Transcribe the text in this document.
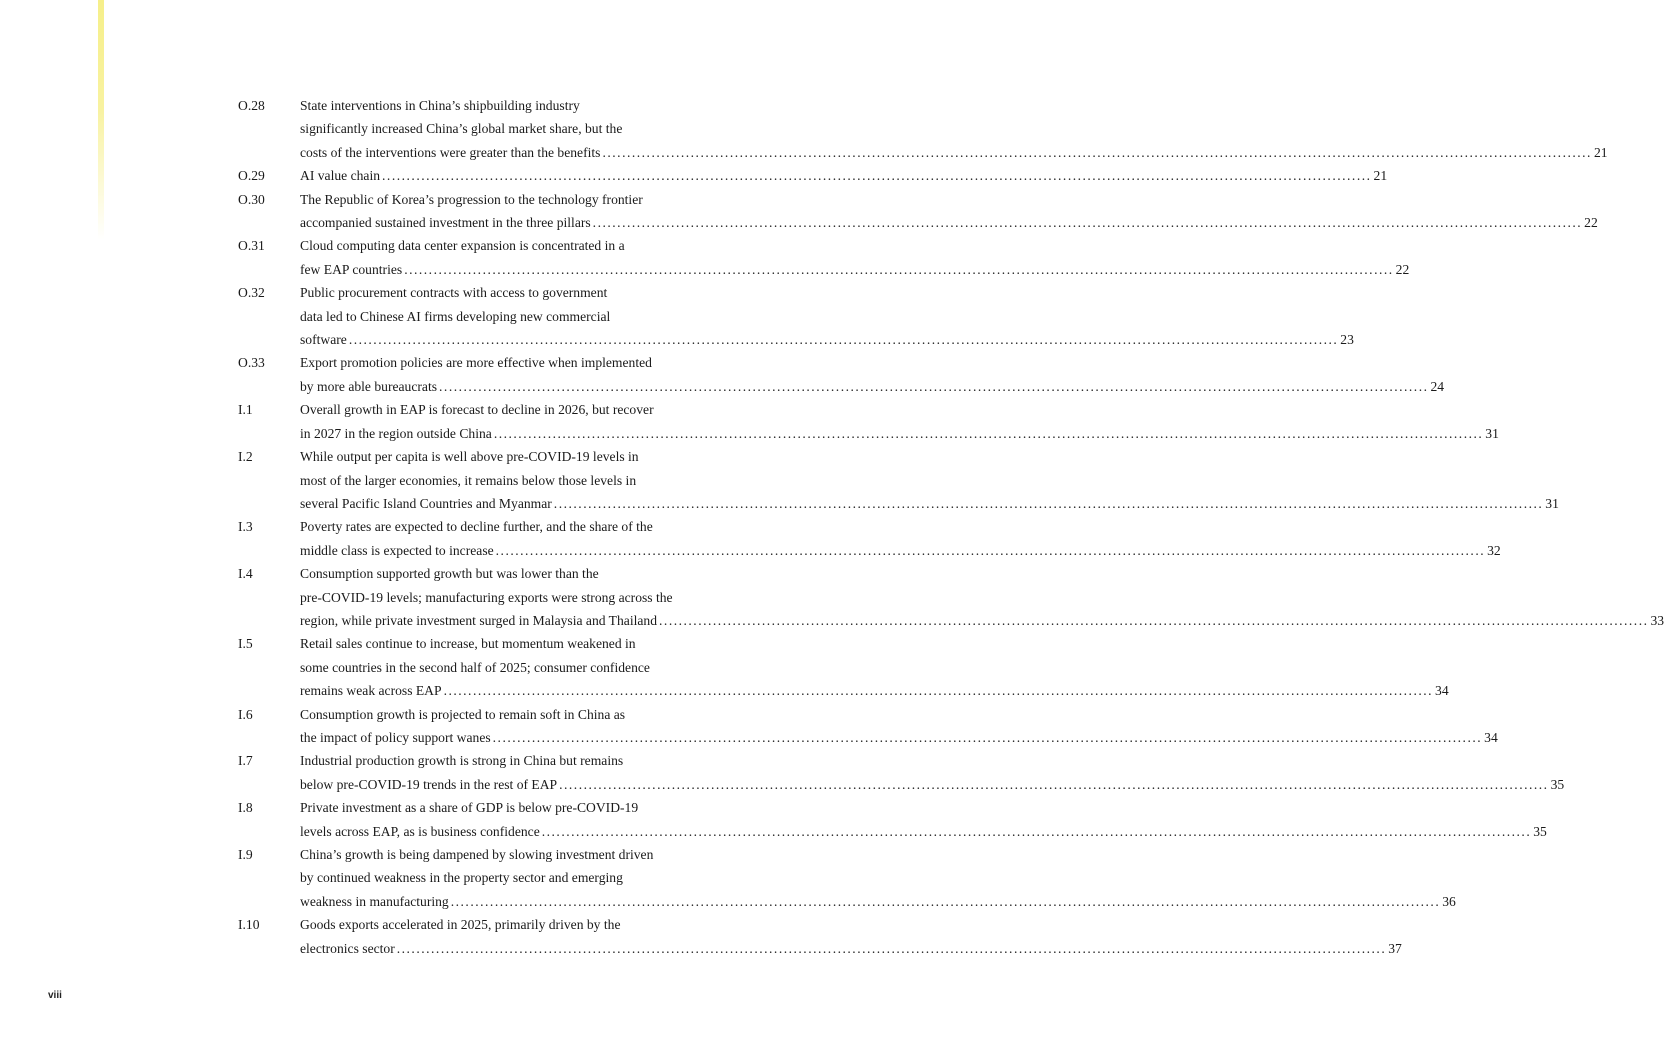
O.28	State interventions in China’s shipbuilding industry
significantly increased China’s global market share, but the
costs of the interventions were greater than the benefits .....	21
O.29	AI value chain .....	21
O.30	The Republic of Korea’s progression to the technology frontier
accompanied sustained investment in the three pillars .....	22
O.31	Cloud computing data center expansion is concentrated in a
few EAP countries .....	22
O.32	Public procurement contracts with access to government
data led to Chinese AI firms developing new commercial
software .....	23
O.33	Export promotion policies are more effective when implemented
by more able bureaucrats .....	24
I.1	Overall growth in EAP is forecast to decline in 2026, but recover
in 2027 in the region outside China .....	31
I.2	While output per capita is well above pre-COVID-19 levels in
most of the larger economies, it remains below those levels in
several Pacific Island Countries and Myanmar .....	31
I.3	Poverty rates are expected to decline further, and the share of the
middle class is expected to increase .....	32
I.4	Consumption supported growth but was lower than the
pre-COVID-19 levels; manufacturing exports were strong across the
region, while private investment surged in Malaysia and Thailand .....	33
I.5	Retail sales continue to increase, but momentum weakened in
some countries in the second half of 2025; consumer confidence
remains weak across EAP .....	34
I.6	Consumption growth is projected to remain soft in China as
the impact of policy support wanes .....	34
I.7	Industrial production growth is strong in China but remains
below pre-COVID-19 trends in the rest of EAP .....	35
I.8	Private investment as a share of GDP is below pre-COVID-19
levels across EAP, as is business confidence .....	35
I.9	China’s growth is being dampened by slowing investment driven
by continued weakness in the property sector and emerging
weakness in manufacturing .....	36
I.10	Goods exports accelerated in 2025, primarily driven by the
electronics sector .....	37
viii
